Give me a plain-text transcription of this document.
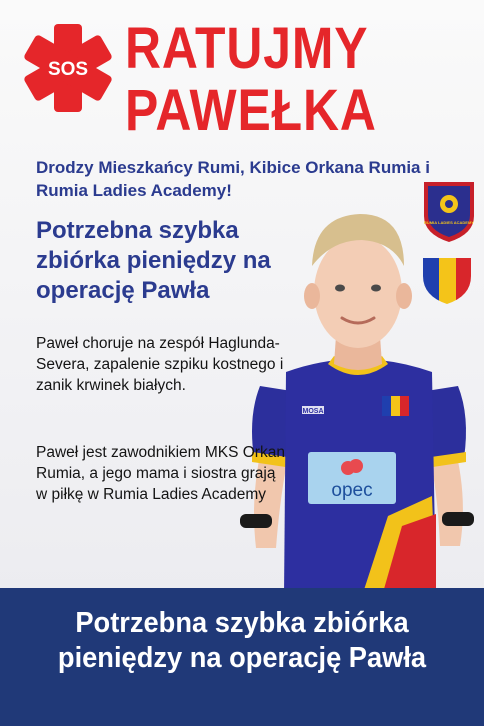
SOS RATUJMY
PAWEŁKA
Drodzy Mieszkańcy Rumi, Kibice Orkana Rumia i Rumia Ladies Academy!
MOSA
opec
RUMIA LADIES ACADEMY
Potrzebna szybka zbiórka pieniędzy na operację Pawła
Paweł choruje na zespół Haglunda-Severa, zapalenie szpiku kostnego i zanik krwinek białych.
Paweł jest zawodnikiem MKS Orkan Rumia, a jego mama i siostra grają w piłkę w Rumia Ladies Academy
Potrzebna szybka zbiórka pieniędzy na operację Pawła
